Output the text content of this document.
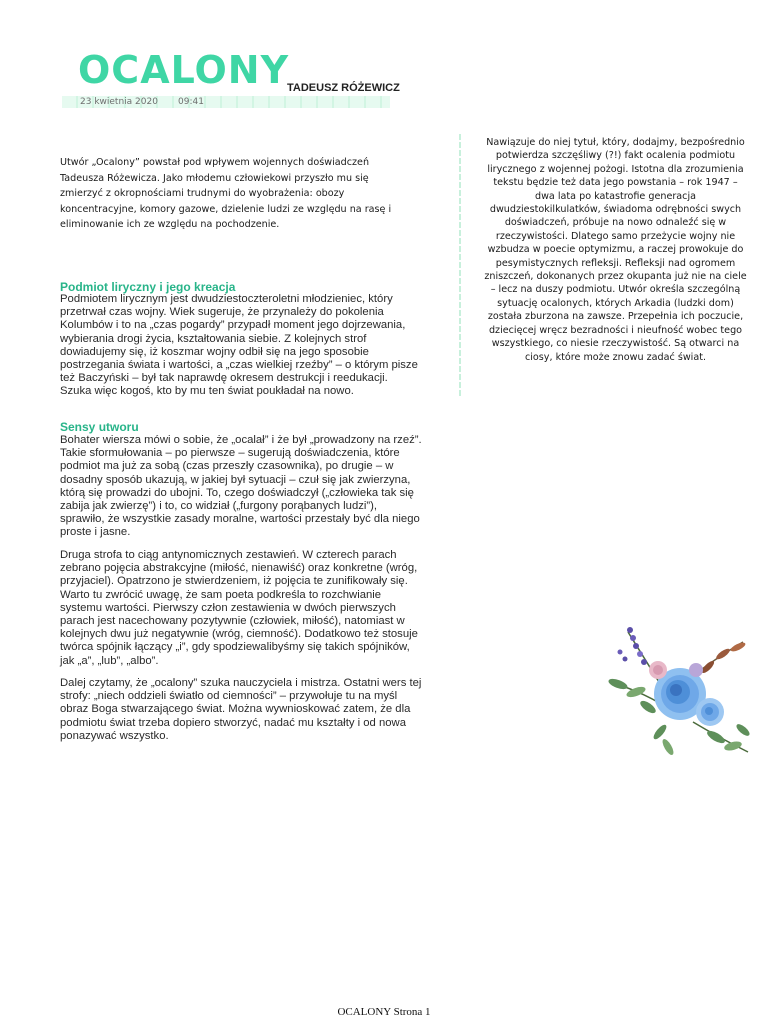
OCALONY
TADEUSZ RÓŻEWICZ
23 kwietnia 2020 09:41
Utwór „Ocalony” powstał pod wpływem wojennych doświadczeń Tadeusza Różewicza. Jako młodemu człowiekowi przyszło mu się zmierzyć z okropnościami trudnymi do wyobrażenia: obozy koncentracyjne, komory gazowe, dzielenie ludzi ze względu na rasę i eliminowanie ich ze względu na pochodzenie.
Podmiot liryczny i jego kreacja
Podmiotem lirycznym jest dwudziestoczteroletni młodzieniec, który przetrwał czas wojny. Wiek sugeruje, że przynależy do pokolenia Kolumbów i to na „czas pogardy” przypadł moment jego dojrzewania, wybierania drogi życia, kształtowania siebie. Z kolejnych strof dowiadujemy się, iż koszmar wojny odbił się na jego sposobie postrzegania świata i wartości, a „czas wielkiej rzeźby” – o którym pisze też Baczyński – był tak naprawdę okresem destrukcji i reedukacji. Szuka więc kogoś, kto by mu ten świat poukładał na nowo.
Sensy utworu
Bohater wiersza mówi o sobie, że „ocalał” i że był „prowadzony na rzeź”. Takie sformułowania – po pierwsze – sugerują doświadczenia, które podmiot ma już za sobą (czas przeszły czasownika), po drugie – w dosadny sposób ukazują, w jakiej był sytuacji – czuł się jak zwierzyna, którą się prowadzi do ubojni. To, czego doświadczył („człowieka tak się zabija jak zwierzę”) i to, co widział („furgony porąbanych ludzi”), sprawiło, że wszystkie zasady moralne, wartości przestały być dla niego proste i jasne.
Druga strofa to ciąg antynomicznych zestawień. W czterech parach zebrano pojęcia abstrakcyjne (miłość, nienawiść) oraz konkretne (wróg, przyjaciel). Opatrzono je stwierdzeniem, iż pojęcia te zunifikowały się. Warto tu zwrócić uwagę, że sam poeta podkreśla to rozchwianie systemu wartości. Pierwszy człon zestawienia w dwóch pierwszych parach jest nacechowany pozytywnie (człowiek, miłość), natomiast w kolejnych dwu już negatywnie (wróg, ciemność). Dodatkowo też stosuje twórca spójnik łączący „i”, gdy spodziewalibyśmy się takich spójników, jak „a”, „lub”, „albo”.
Dalej czytamy, że „ocalony” szuka nauczyciela i mistrza. Ostatni wers tej strofy: „niech oddzieli światło od ciemności” – przywołuje tu na myśl obraz Boga stwarzającego świat. Można wywnioskować zatem, że dla podmiotu świat trzeba dopiero stworzyć, nadać mu kształty i od nowa ponazywać wszystko.
Nawiązuje do niej tytuł, który, dodajmy, bezpośrednio potwierdza szczęśliwy (?!) fakt ocalenia podmiotu lirycznego z wojennej pożogi. Istotna dla zrozumienia tekstu będzie też data jego powstania – rok 1947 – dwa lata po katastrofie generacja dwudziestokilkulatków, świadoma odrębności swych doświadczeń, próbuje na nowo odnaleźć się w rzeczywistości. Dlatego samo przeżycie wojny nie wzbudza w poecie optymizmu, a raczej prowokuje do pesymistycznych refleksji. Refleksji nad ogromem zniszczeń, dokonanych przez okupanta już nie na ciele – lecz na duszy podmiotu. Utwór określa szczególną sytuację ocalonych, których Arkadia (ludzki dom) została zburzona na zawsze. Przepełnia ich poczucie, dziecięcej wręcz bezradności i nieufność wobec tego wszystkiego, co niesie rzeczywistość. Są otwarci na ciosy, które może znowu zadać świat.
OCALONY Strona 1
